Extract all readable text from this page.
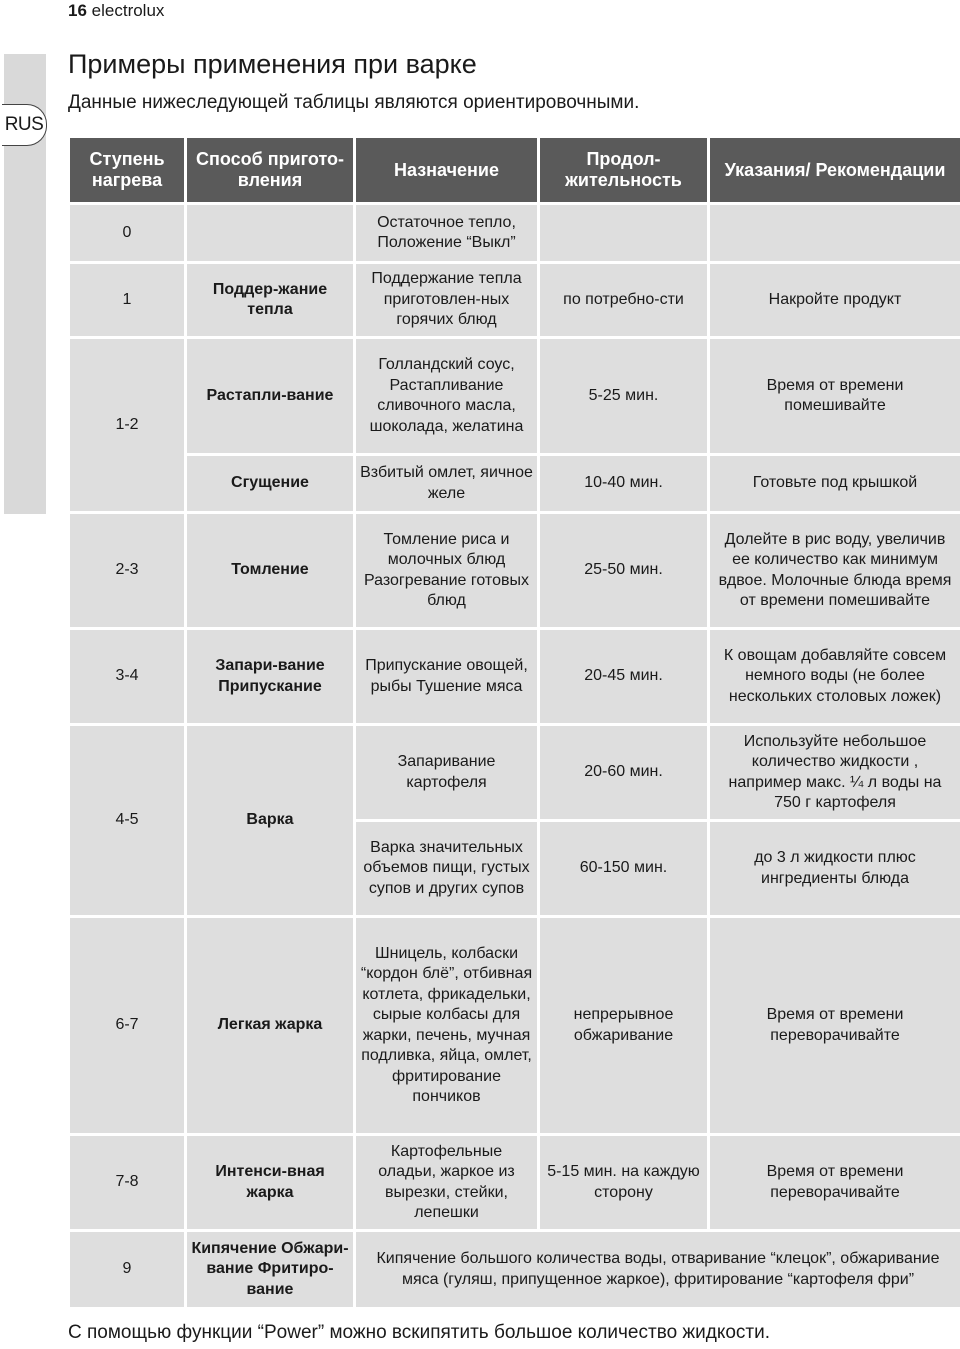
16 electrolux
RUS
Примеры применения при варке

Данные нижеследующей таблицы являются ориентировочными.

Ступень нагрева	Способ пригото-вления	Назначение	Продол-жительность	Указания/ Рекомендации
0		Остаточное тепло, Положение “Выкл”		
1	Поддер-жание тепла	Поддержание тепла приготовлен-ных горячих блюд	по потребно-сти	Накройте продукт
1-2	Растапли-вание	Голландский соус, Растапливание сливочного масла, шоколада, желатина	5-25 мин.	Время от времени помешивайте
	Сгущение	Взбитый омлет, яичное желе	10-40 мин.	Готовьте под крышкой
2-3	Томление	Томление риса и молочных блюд Разогревание готовых блюд	25-50 мин.	Долейте в рис воду, увеличив ее количество как минимум вдвое. Молочные блюда время от времени помешивайте
3-4	Запари-вание Припускание	Припускание овощей, рыбы Тушение мяса	20-45 мин.	К овощам добавляйте совсем немного воды (не более нескольких столовых ложек)
4-5	Варка	Запаривание картофеля	20-60 мин.	Используйте небольшое количество жидкости , например макс. ¼ л воды на 750 г картофеля
		Варка значительных объемов пищи, густых супов и других супов	60-150 мин.	до 3 л жидкости плюс ингредиенты блюда
6-7	Легкая жарка	Шницель, колбаски “кордон блё”, отбивная котлета, фрикадельки, сырые колбасы для жарки, печень, мучная подливка, яйца, омлет, фритирование пончиков	непрерывное обжаривание	Время от времени переворачивайте
7-8	Интенси-вная жарка	Картофельные оладьи, жаркое из вырезки, стейки, лепешки	5-15 мин. на каждую сторону	Время от времени переворачивайте
9	Кипячение Обжари-вание Фритиро-вание	Кипячение большого количества воды, отваривание “клецок”, обжаривание мяса (гуляш, припущенное жаркое), фритирование “картофеля фри”		

С помощью функции “Power” можно вскипятить большое количество жидкости.
